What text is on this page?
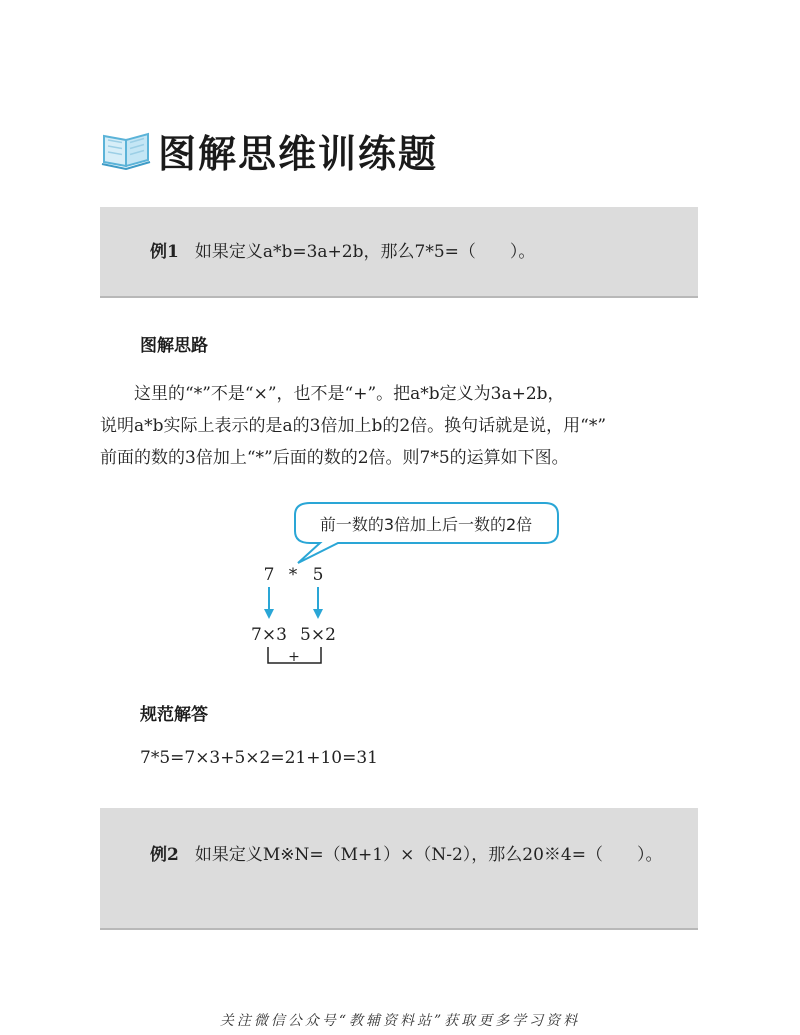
图解思维训练题
例1 如果定义a*b=3a+2b，那么7*5=（　　）。
图解思路

　　这里的“*”不是“×”，也不是“+”。把a*b定义为3a+2b，

说明a*b实际上表示的是a的3倍加上b的2倍。换句话就是说，用“*”

前面的数的3倍加上“*”后面的数的2倍。则7*5的运算如下图。

前一数的3倍加上后一数的2倍
7 * 5
7×3 5×2
+
规范解答
7*5=7×3+5×2=21+10=31
例2 如果定义M※N=（M+1）×（N-2），那么20※4=（　　）。
关注微信公众号“教辅资料站”获取更多学习资料
